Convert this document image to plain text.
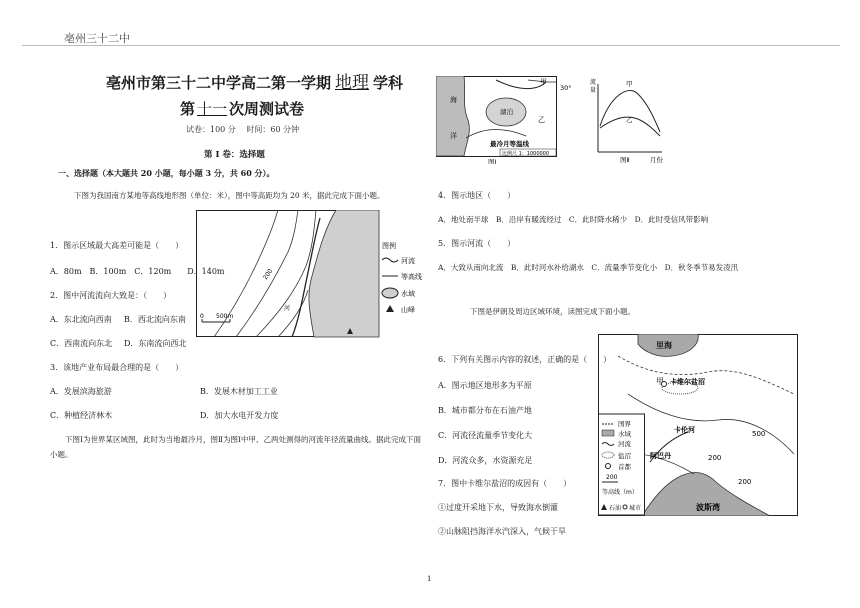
亳州三十二中
亳州市第三十二中学高二第一学期 地理 学科
第 十一 次周测试卷
试卷：100 分　 时间：60 分钟
第 I 卷：选择题
一、选择题（本大题共 20 小题，每小题 3 分，共 60 分）。
下图为我国南方某地等高线地形图（单位：米），图中等高距均为 20 米，据此完成下面小题。
200
河
0 500m
图例
河流
等高线
水域
山峰
1．图示区域最大高差可能是（　　）
A．80m　B．100m　C．120m　　D．140m
2．图中河流流向大致是：（　　）
A．东北流向西南 B．西北流向东南
C．西南流向东北 D．东南流向西北
3．该地产业布局最合理的是（　　）
A．发展滨海旅游	B．发展木材加工工业
C．种植经济林木	D．加大水电开发力度
下图Ⅰ为世界某区域图，此时为当地最冷月，图Ⅱ为图Ⅰ中甲、乙两处测得的河流年径流量曲线。据此完成下面小题。
海
洋
湖泊
甲
乙
30°
最冷月等温线
比例尺 1：1000000
图Ⅰ
流
量
甲
乙
月份
图Ⅱ
4．图示地区（　　）
A．地处南半球　B．沿岸有暖流经过　C．此时降水稀少　D．此时受信风带影响
5．图示河流（　　）
A．大致从南向北流　B．此时河水补给湖水　C．流量季节变化小　D．秋冬季节易发凌汛
下图是伊朗及周边区域环境，读图完成下面小题。
里海
波斯湾
卡维尔盐沼
甲
卡伦河
阿巴丹
500
200
200
国界
水域
河流
盐沼
首都
200
等高线（m）
石油 城市
6．下列有关图示内容的叙述，正确的是（　　）
A．图示地区地形多为平原
B．城市都分布在石油产地
C．河流径流量季节变化大
D．河流众多，水资源充足
7．图中卡维尔盐沼的成因有（　　）
①过度开采地下水，导致海水倒灌
②山脉阻挡海洋水汽深入，气候干旱
1
